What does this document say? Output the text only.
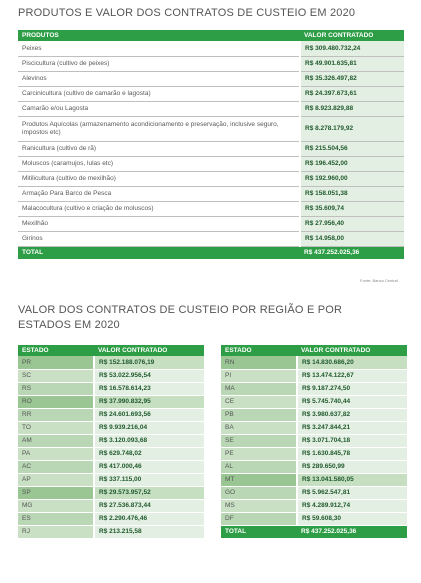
PRODUTOS E VALOR DOS CONTRATOS DE CUSTEIO EM 2020
PRODUTOS	VALOR CONTRATADO
Peixes	R$ 309.480.732,24
Piscicultura (cultivo de peixes)	R$ 49.901.635,81
Alevinos	R$ 35.326.497,82
Carcinicultura (cultivo de camarão e lagosta)	R$ 24.397.673,61
Camarão e/ou Lagosta	R$ 8.923.829,88
Produtos Aquícolas (armazenamento acondicionamento e preservação, inclusive seguro, impostos etc)	R$ 8.278.179,92
Ranicultura (cultivo de rã)	R$ 215.504,56
Moluscos (caramujos, lulas etc)	R$ 196.452,00
Mitilicultura (cultivo de mexilhão)	R$ 192.960,00
Armação Para Barco de Pesca	R$ 158.051,38
Malacocultura (cultivo e criação de moluscos)	R$ 35.609,74
Mexilhão	R$ 27.956,40
Girinos	R$ 14.958,00
TOTAL	R$ 437.252.025,36
Fonte: Banco Central
VALOR DOS CONTRATOS DE CUSTEIO POR REGIÃO E POR ESTADOS EM 2020
ESTADO	VALOR CONTRATADO
PR	R$ 152.188.076,19
SC	R$ 53.022.956,54
RS	R$ 16.578.614,23
RO	R$ 37.990.832,95
RR	R$ 24.601.693,56
TO	R$ 9.939.216,04
AM	R$ 3.120.093,68
PA	R$ 629.748,02
AC	R$ 417.000,46
AP	R$ 337.115,00
SP	R$ 29.573.957,52
MG	R$ 27.536.873,44
ES	R$ 2.290.476,46
RJ	R$ 213.215,58
ESTADO	VALOR CONTRATADO
RN	R$ 14.830.686,20
PI	R$ 13.474.122,67
MA	R$ 9.187.274,50
CE	R$ 5.745.740,44
PB	R$ 3.980.637,82
BA	R$ 3.247.844,21
SE	R$ 3.071.704,18
PE	R$ 1.630.845,78
AL	R$ 289.650,99
MT	R$ 13.041.580,05
GO	R$ 5.962.547,81
MS	R$ 4.289.912,74
DF	R$ 59.608,30
TOTAL	R$ 437.252.025,36
